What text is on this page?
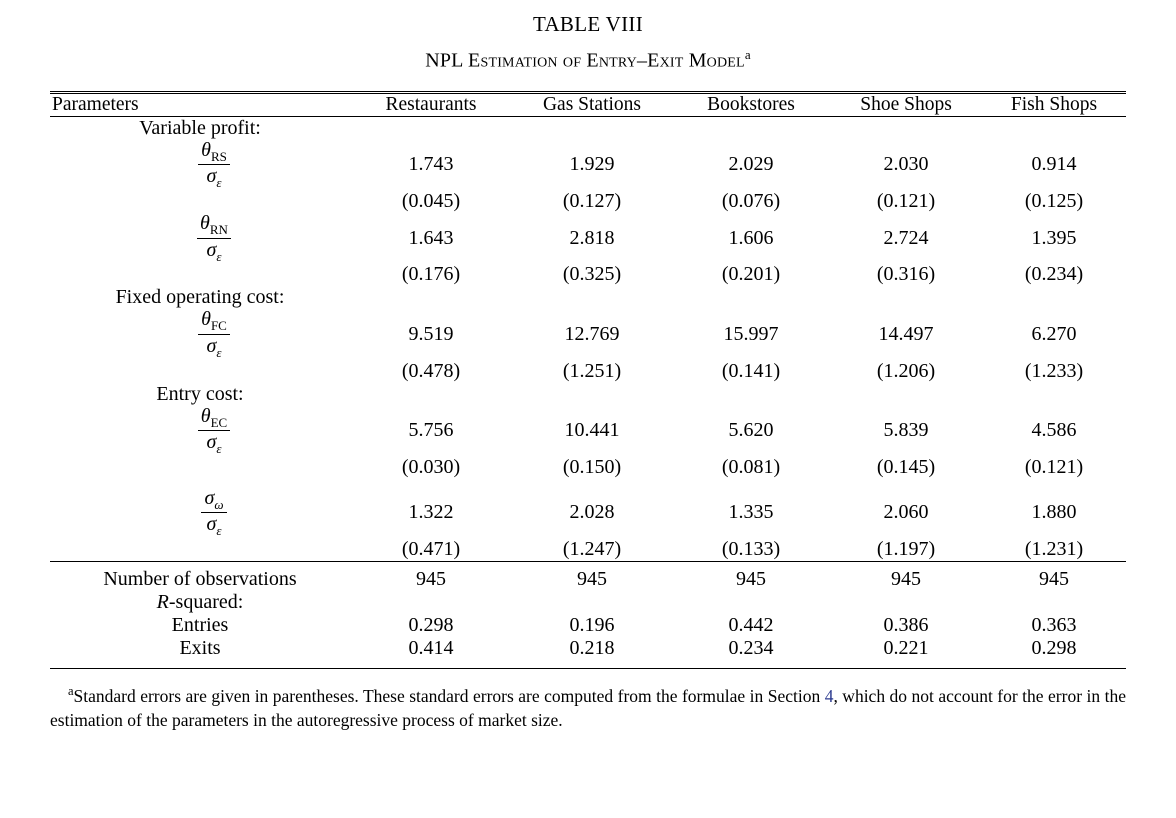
TABLE VIII
NPL Estimation of Entry–Exit Model$^a$

Parameters	Restaurants	Gas Stations	Bookstores	Shoe Shops	Fish Shops

Variable profit:					

$\frac{\theta_{RS}}{\sigma_\varepsilon}$	1.743	1.929	2.029	2.030	0.914
	(0.045)	(0.127)	(0.076)	(0.121)	(0.125)

$\frac{\theta_{RN}}{\sigma_\varepsilon}$	1.643	2.818	1.606	2.724	1.395
	(0.176)	(0.325)	(0.201)	(0.316)	(0.234)
Fixed operating cost:					

$\frac{\theta_{FC}}{\sigma_\varepsilon}$	9.519	12.769	15.997	14.497	6.270
	(0.478)	(1.251)	(0.141)	(1.206)	(1.233)
Entry cost:					

$\frac{\theta_{EC}}{\sigma_\varepsilon}$	5.756	10.441	5.620	5.839	4.586
	(0.030)	(0.150)	(0.081)	(0.145)	(0.121)

$\frac{\sigma_\omega}{\sigma_\varepsilon}$	1.322	2.028	1.335	2.060	1.880
	(0.471)	(1.247)	(0.133)	(1.197)	(1.231)

Number of observations	945	945	945	945	945
R-squared:					
Entries	0.298	0.196	0.442	0.386	0.363
Exits	0.414	0.218	0.234	0.221	0.298
$^a$Standard errors are given in parentheses. These standard errors are computed from the formulae in Section 4, which do not account for the error in the estimation of the parameters in the autoregressive process of market size.
